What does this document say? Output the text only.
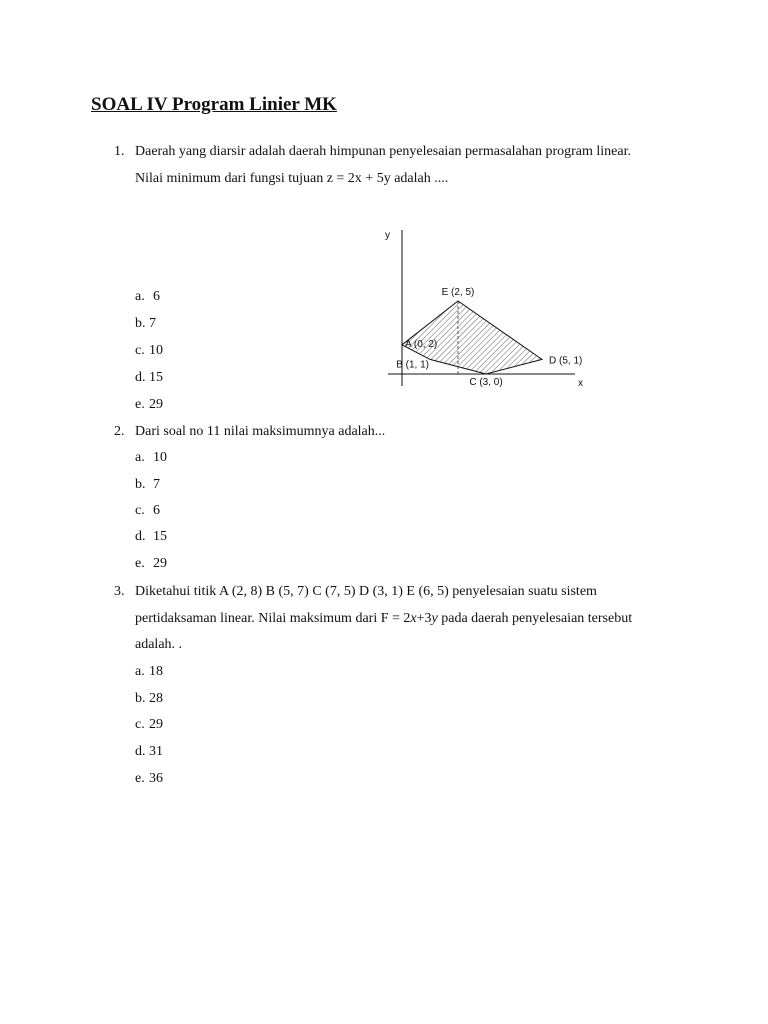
SOAL IV Program Linier MK
1. Daerah yang diarsir adalah daerah himpunan penyelesaian permasalahan program linear.
Nilai minimum dari fungsi tujuan z = 2x + 5y adalah ....
a. 6
b. 7
c. 10
d. 15
e. 29
y
x
A (0, 2)
B (1, 1)
C (3, 0)
D (5, 1)
E (2, 5)
2. Dari soal no 11 nilai maksimumnya adalah...
a. 10
b. 7
c. 6
d. 15
e. 29
3. Diketahui titik A (2, 8) B (5, 7) C (7, 5) D (3, 1) E (6, 5) penyelesaian suatu sistem
pertidaksaman linear. Nilai maksimum dari F = 2x+3y pada daerah penyelesaian tersebut
adalah. .
a. 18
b. 28
c. 29
d. 31
e. 36
